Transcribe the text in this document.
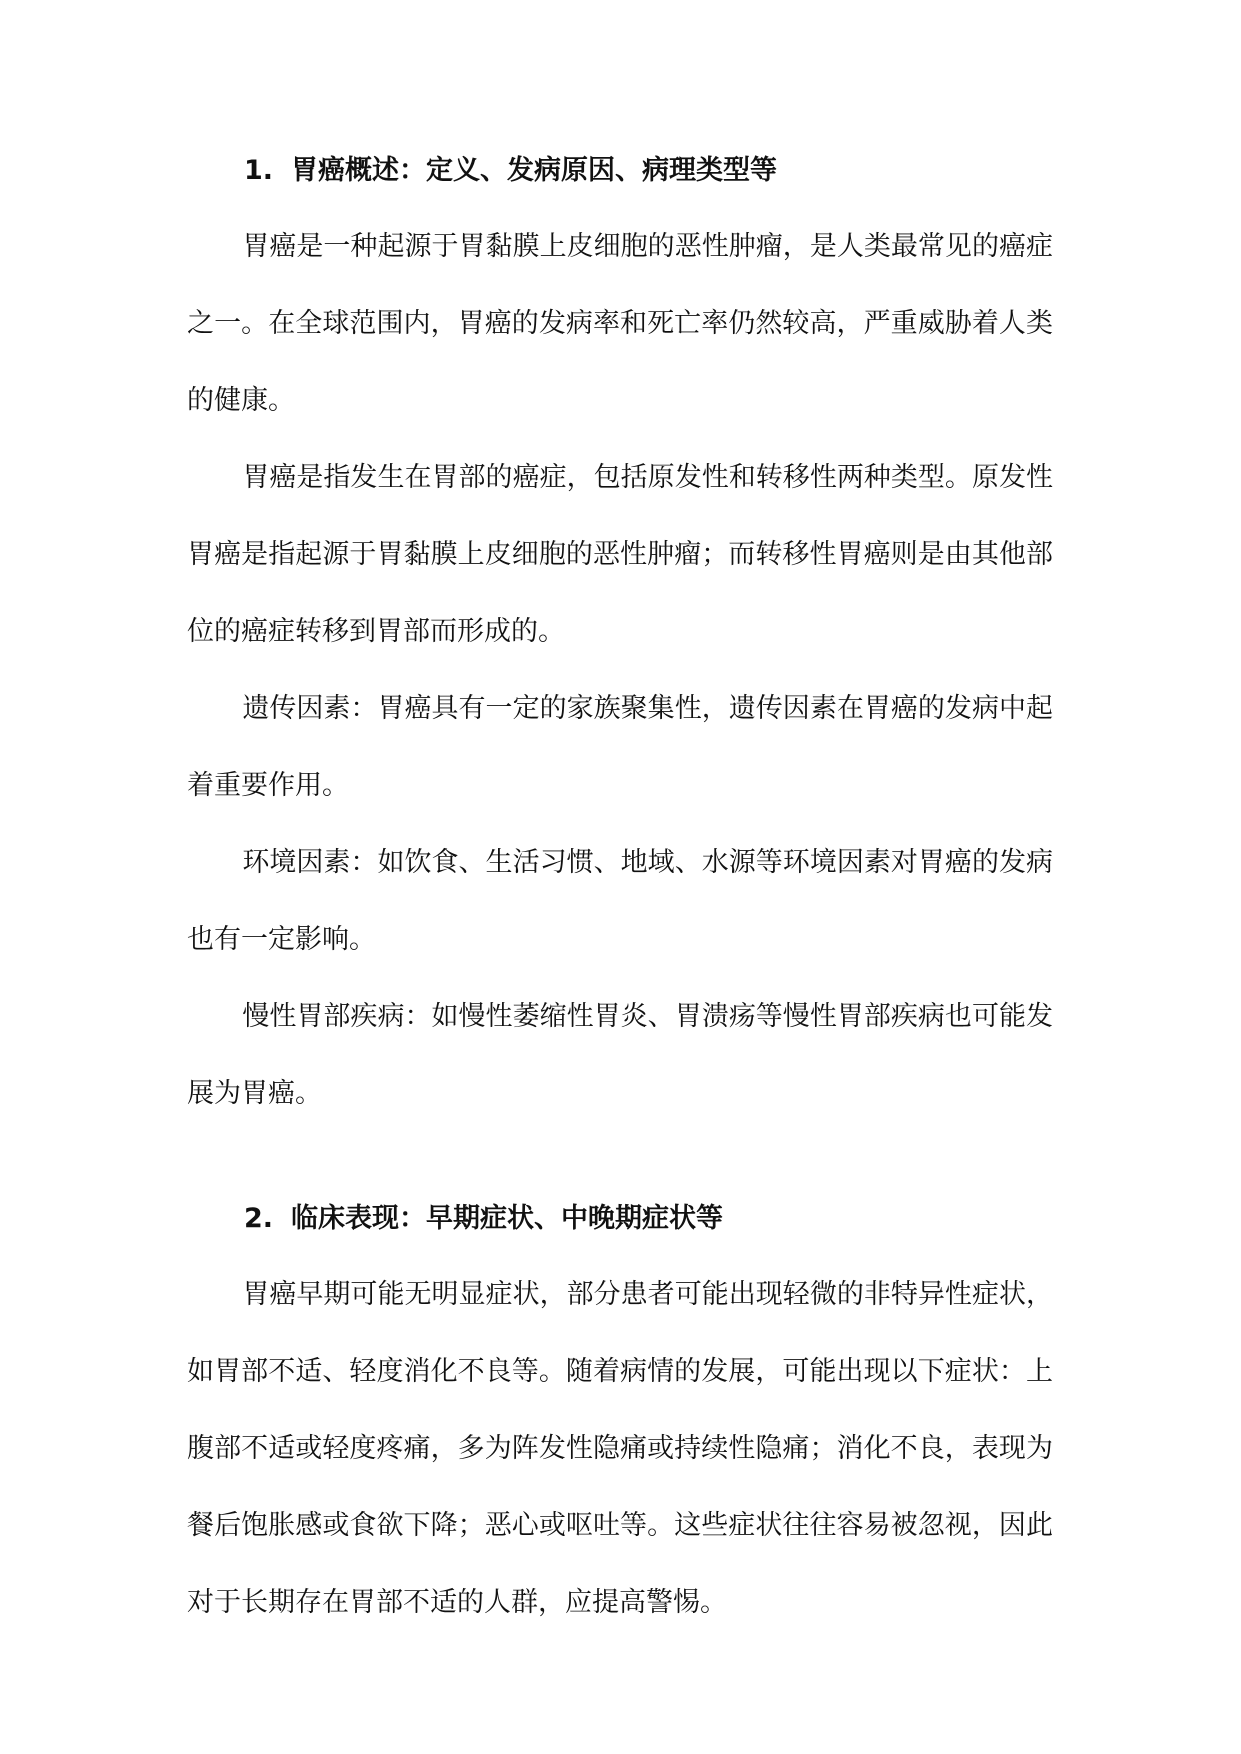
1. 胃癌概述：定义、发病原因、病理类型等

胃癌是一种起源于胃黏膜上皮细胞的恶性肿瘤，是人类最常见的癌症之一。在全球范围内，胃癌的发病率和死亡率仍然较高，严重威胁着人类的健康。

胃癌是指发生在胃部的癌症，包括原发性和转移性两种类型。原发性胃癌是指起源于胃黏膜上皮细胞的恶性肿瘤；而转移性胃癌则是由其他部位的癌症转移到胃部而形成的。

遗传因素：胃癌具有一定的家族聚集性，遗传因素在胃癌的发病中起着重要作用。

环境因素：如饮食、生活习惯、地域、水源等环境因素对胃癌的发病也有一定影响。

慢性胃部疾病：如慢性萎缩性胃炎、胃溃疡等慢性胃部疾病也可能发展为胃癌。

2. 临床表现：早期症状、中晚期症状等

胃癌早期可能无明显症状，部分患者可能出现轻微的非特异性症状，如胃部不适、轻度消化不良等。随着病情的发展，可能出现以下症状：上腹部不适或轻度疼痛，多为阵发性隐痛或持续性隐痛；消化不良，表现为餐后饱胀感或食欲下降；恶心或呕吐等。这些症状往往容易被忽视，因此对于长期存在胃部不适的人群，应提高警惕。
